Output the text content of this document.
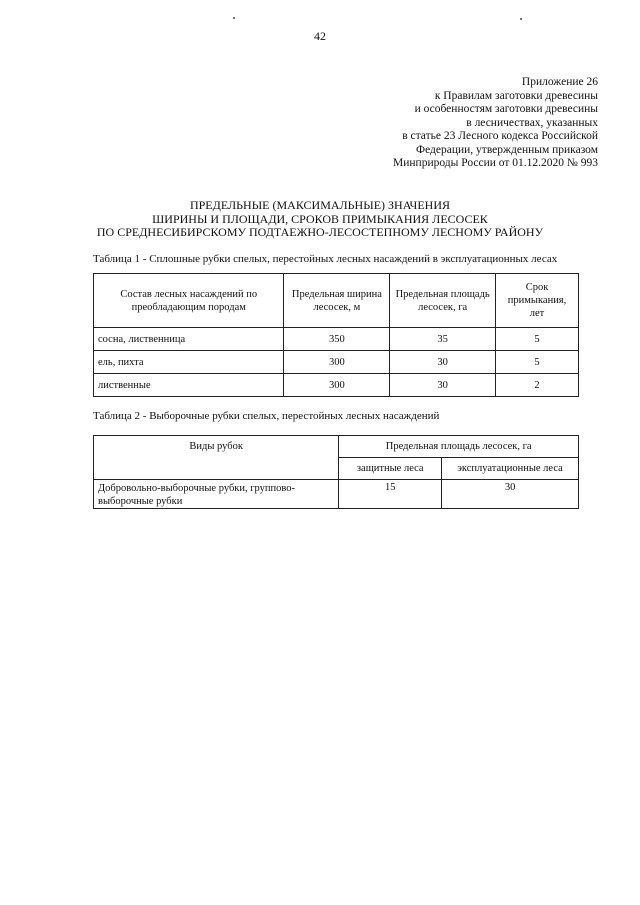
42
Приложение 26
к Правилам заготовки древесины
и особенностям заготовки древесины
в лесничествах, указанных
в статье 23 Лесного кодекса Российской
Федерации, утвержденным приказом
Минприроды России от 01.12.2020 № 993
ПРЕДЕЛЬНЫЕ (МАКСИМАЛЬНЫЕ) ЗНАЧЕНИЯ
ШИРИНЫ И ПЛОЩАДИ, СРОКОВ ПРИМЫКАНИЯ ЛЕСОСЕК
ПО СРЕДНЕСИБИРСКОМУ ПОДТАЕЖНО-ЛЕСОСТЕПНОМУ ЛЕСНОМУ РАЙОНУ
Таблица 1 - Сплошные рубки спелых, перестойных лесных насаждений в эксплуатационных лесах
Состав лесных насаждений по преобладающим породам	Предельная ширина лесосек, м	Предельная площадь лесосек, га	Срок примыкания, лет
сосна, лиственница	350	35	5
ель, пихта	300	30	5
лиственные	300	30	2
Таблица 2 - Выборочные рубки спелых, перестойных лесных насаждений
Виды рубок	Предельная площадь лесосек, га	
	защитные леса	эксплуатационные леса
Добровольно-выборочные рубки, группово-выборочные рубки	15	30
